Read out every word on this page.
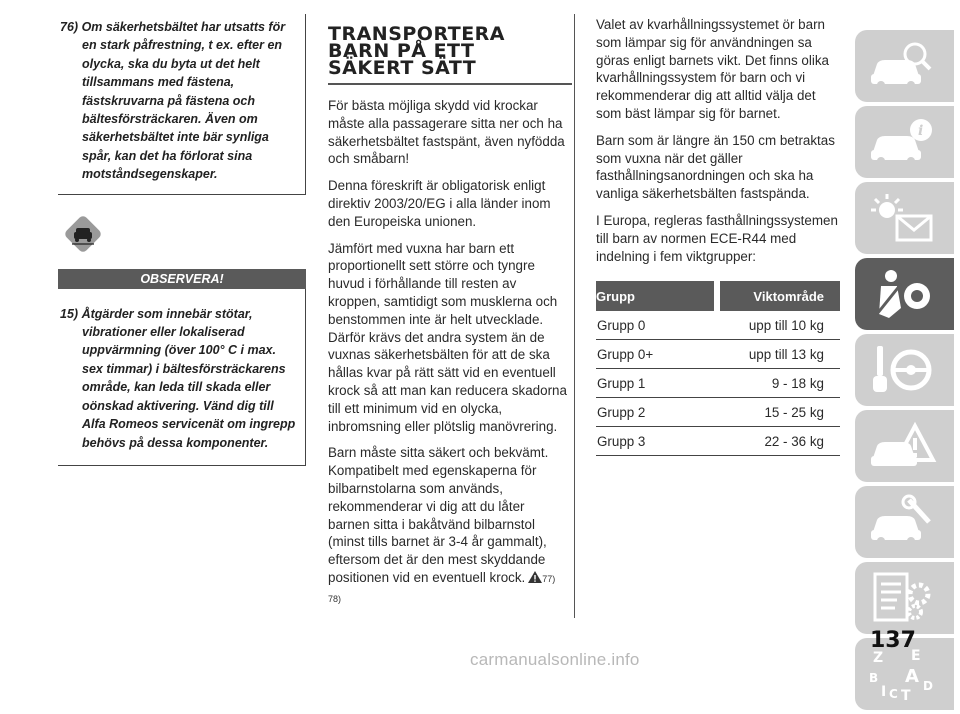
76) Om säkerhetsbältet har utsatts för en stark påfrestning, t ex. efter en olycka, ska du byta ut det helt tillsammans med fästena, fästskruvarna på fästena och bältesförsträckaren. Även om säkerhetsbältet inte bär synliga spår, kan det ha förlorat sina motståndsegenskaper.

OBSERVERA!

15) Åtgärder som innebär stötar, vibrationer eller lokaliserad uppvärmning (över 100° C i max. sex timmar) i bältesförsträckarens område, kan leda till skada eller oönskad aktivering. Vänd dig till Alfa Romeos servicenät om ingrepp behövs på dessa komponenter.

TRANSPORTERA
BARN PÅ ETT
SÄKERT SÄTT

För bästa möjliga skydd vid krockar måste alla passagerare sitta ner och ha säkerhetsbältet fastspänt, även nyfödda och småbarn!

Denna föreskrift är obligatorisk enligt direktiv 2003/20/EG i alla länder inom den Europeiska unionen.

Jämfört med vuxna har barn ett proportionellt sett större och tyngre huvud i förhållande till resten av kroppen, samtidigt som musklerna och benstommen inte är helt utvecklade. Därför krävs det andra system än de vuxnas säkerhetsbälten för att de ska hållas kvar på rätt sätt vid en eventuell krock så att man kan reducera skadorna till ett minimum vid en olycka, inbromsning eller plötslig manövrering.

Barn måste sitta säkert och bekvämt. Kompatibelt med egenskaperna för bilbarnstolarna som används, rekommenderar vi dig att du låter barnen sitta i bakåtvänd bilbarnstol (minst tills barnet är 3-4 år gammalt), eftersom det är den mest skyddande positionen vid en eventuell krock. 77)
78)

Valet av kvarhållningssystemet ör barn som lämpar sig för användningen sa göras enligt barnets vikt. Det finns olika kvarhållningssystem för barn och vi rekommenderar dig att alltid välja det som bäst lämpar sig för barnet.

Barn som är längre än 150 cm betraktas som vuxna när det gäller fasthållningsanordningen och ska ha vanliga säkerhetsbälten fastspända.

I Europa, regleras fasthållningssystemen till barn av normen ECE-R44 med indelning i fem viktgrupper:

Grupp	Viktområde
Grupp 0	upp till 10 kg
Grupp 0+	upp till 13 kg
Grupp 1	9 - 18 kg
Grupp 2	15 - 25 kg
Grupp 3	22 - 36 kg
i
Z E
B A
I C T
D
137
carmanualsonline.info
